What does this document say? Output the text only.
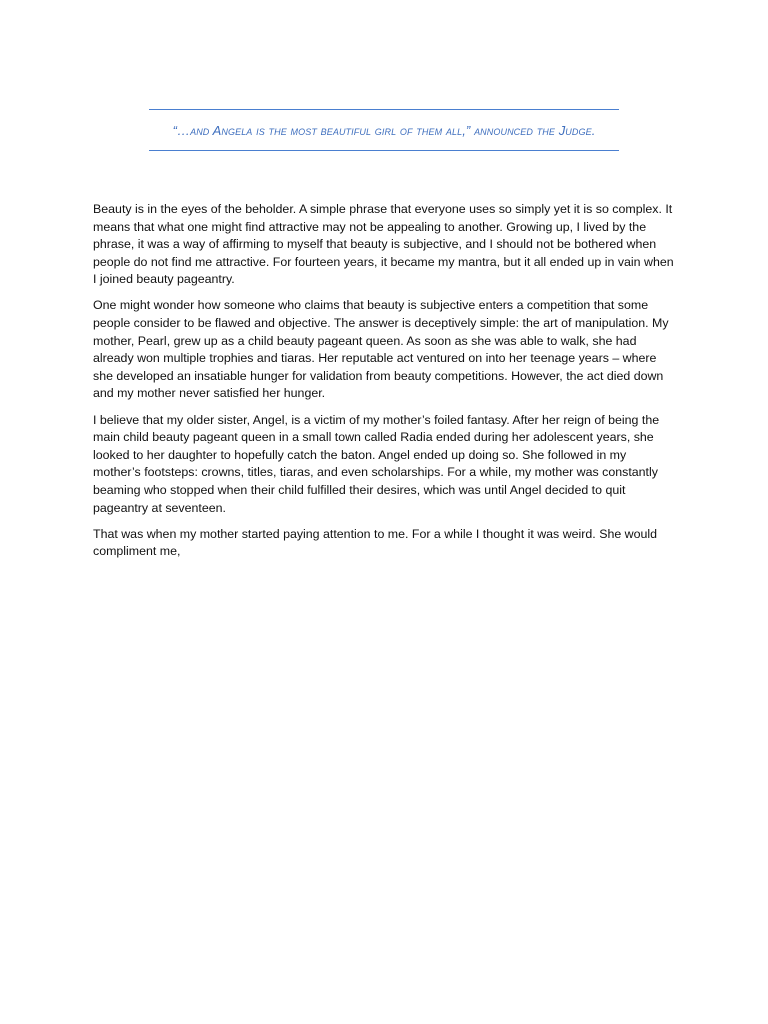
“…and Angela is the most beautiful girl of them all,” announced the Judge.

Beauty is in the eyes of the beholder. A simple phrase that everyone uses so simply yet it is so complex. It means that what one might find attractive may not be appealing to another. Growing up, I lived by the phrase, it was a way of affirming to myself that beauty is subjective, and I should not be bothered when people do not find me attractive. For fourteen years, it became my mantra, but it all ended up in vain when I joined beauty pageantry.

One might wonder how someone who claims that beauty is subjective enters a competition that some people consider to be flawed and objective. The answer is deceptively simple: the art of manipulation. My mother, Pearl, grew up as a child beauty pageant queen. As soon as she was able to walk, she had already won multiple trophies and tiaras. Her reputable act ventured on into her teenage years – where she developed an insatiable hunger for validation from beauty competitions. However, the act died down and my mother never satisfied her hunger.

I believe that my older sister, Angel, is a victim of my mother’s foiled fantasy. After her reign of being the main child beauty pageant queen in a small town called Radia ended during her adolescent years, she looked to her daughter to hopefully catch the baton. Angel ended up doing so. She followed in my mother’s footsteps: crowns, titles, tiaras, and even scholarships. For a while, my mother was constantly beaming who stopped when their child fulfilled their desires, which was until Angel decided to quit pageantry at seventeen.

That was when my mother started paying attention to me. For a while I thought it was weird. She would compliment me,
